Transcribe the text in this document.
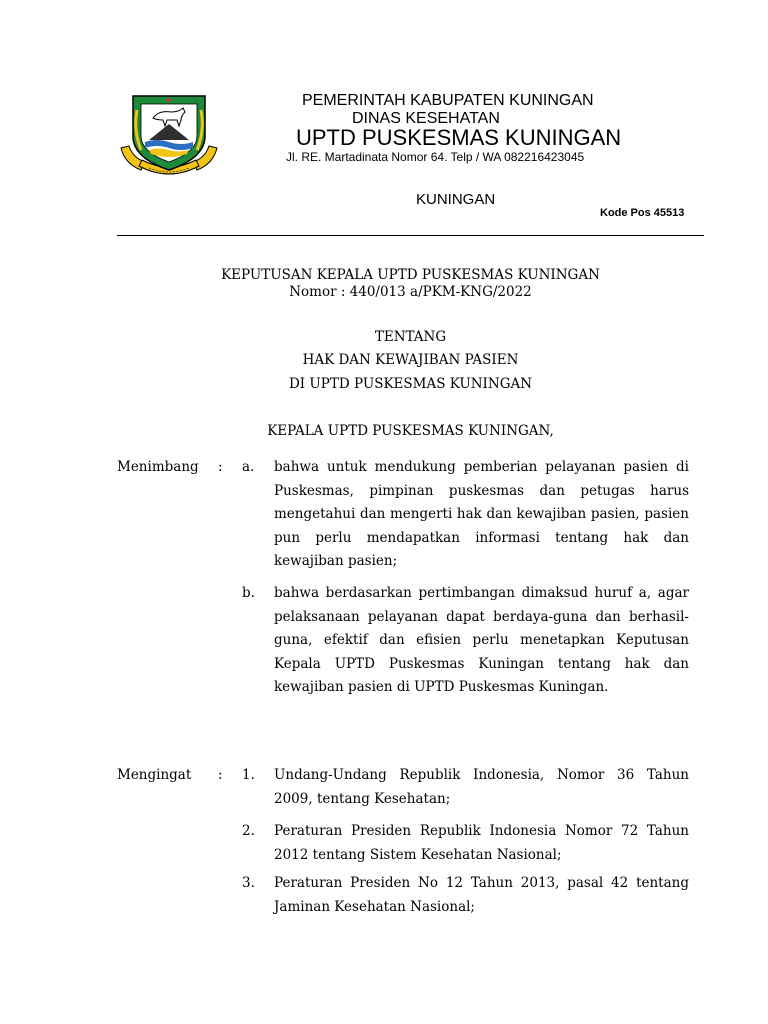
PEMERINTAH KABUPATEN KUNINGAN
DINAS KESEHATAN
UPTD PUSKESMAS KUNINGAN
Jl. RE. Martadinata Nomor 64. Telp / WA 082216423045
KUNINGAN
Kode Pos 45513
KEPUTUSAN KEPALA UPTD PUSKESMAS KUNINGAN
Nomor : 440/013 a/PKM-KNG/2022
TENTANG
HAK DAN KEWAJIBAN PASIEN
DI UPTD PUSKESMAS KUNINGAN
KEPALA UPTD PUSKESMAS KUNINGAN,
Menimbang : a. bahwa untuk mendukung pemberian pelayanan pasien di Puskesmas, pimpinan puskesmas dan petugas harus mengetahui dan mengerti hak dan kewajiban pasien, pasien pun perlu mendapatkan informasi tentang hak dan kewajiban pasien;

b. bahwa berdasarkan pertimbangan dimaksud huruf a, agar pelaksanaan pelayanan dapat berdaya-guna dan berhasil-guna, efektif dan efisien perlu menetapkan Keputusan Kepala UPTD Puskesmas Kuningan tentang hak dan kewajiban pasien di UPTD Puskesmas Kuningan.

Mengingat : 1. Undang-Undang Republik Indonesia, Nomor 36 Tahun 2009, tentang Kesehatan;

2. Peraturan Presiden Republik Indonesia Nomor 72 Tahun 2012 tentang Sistem Kesehatan Nasional;

3. Peraturan Presiden No 12 Tahun 2013, pasal 42 tentang Jaminan Kesehatan Nasional;
